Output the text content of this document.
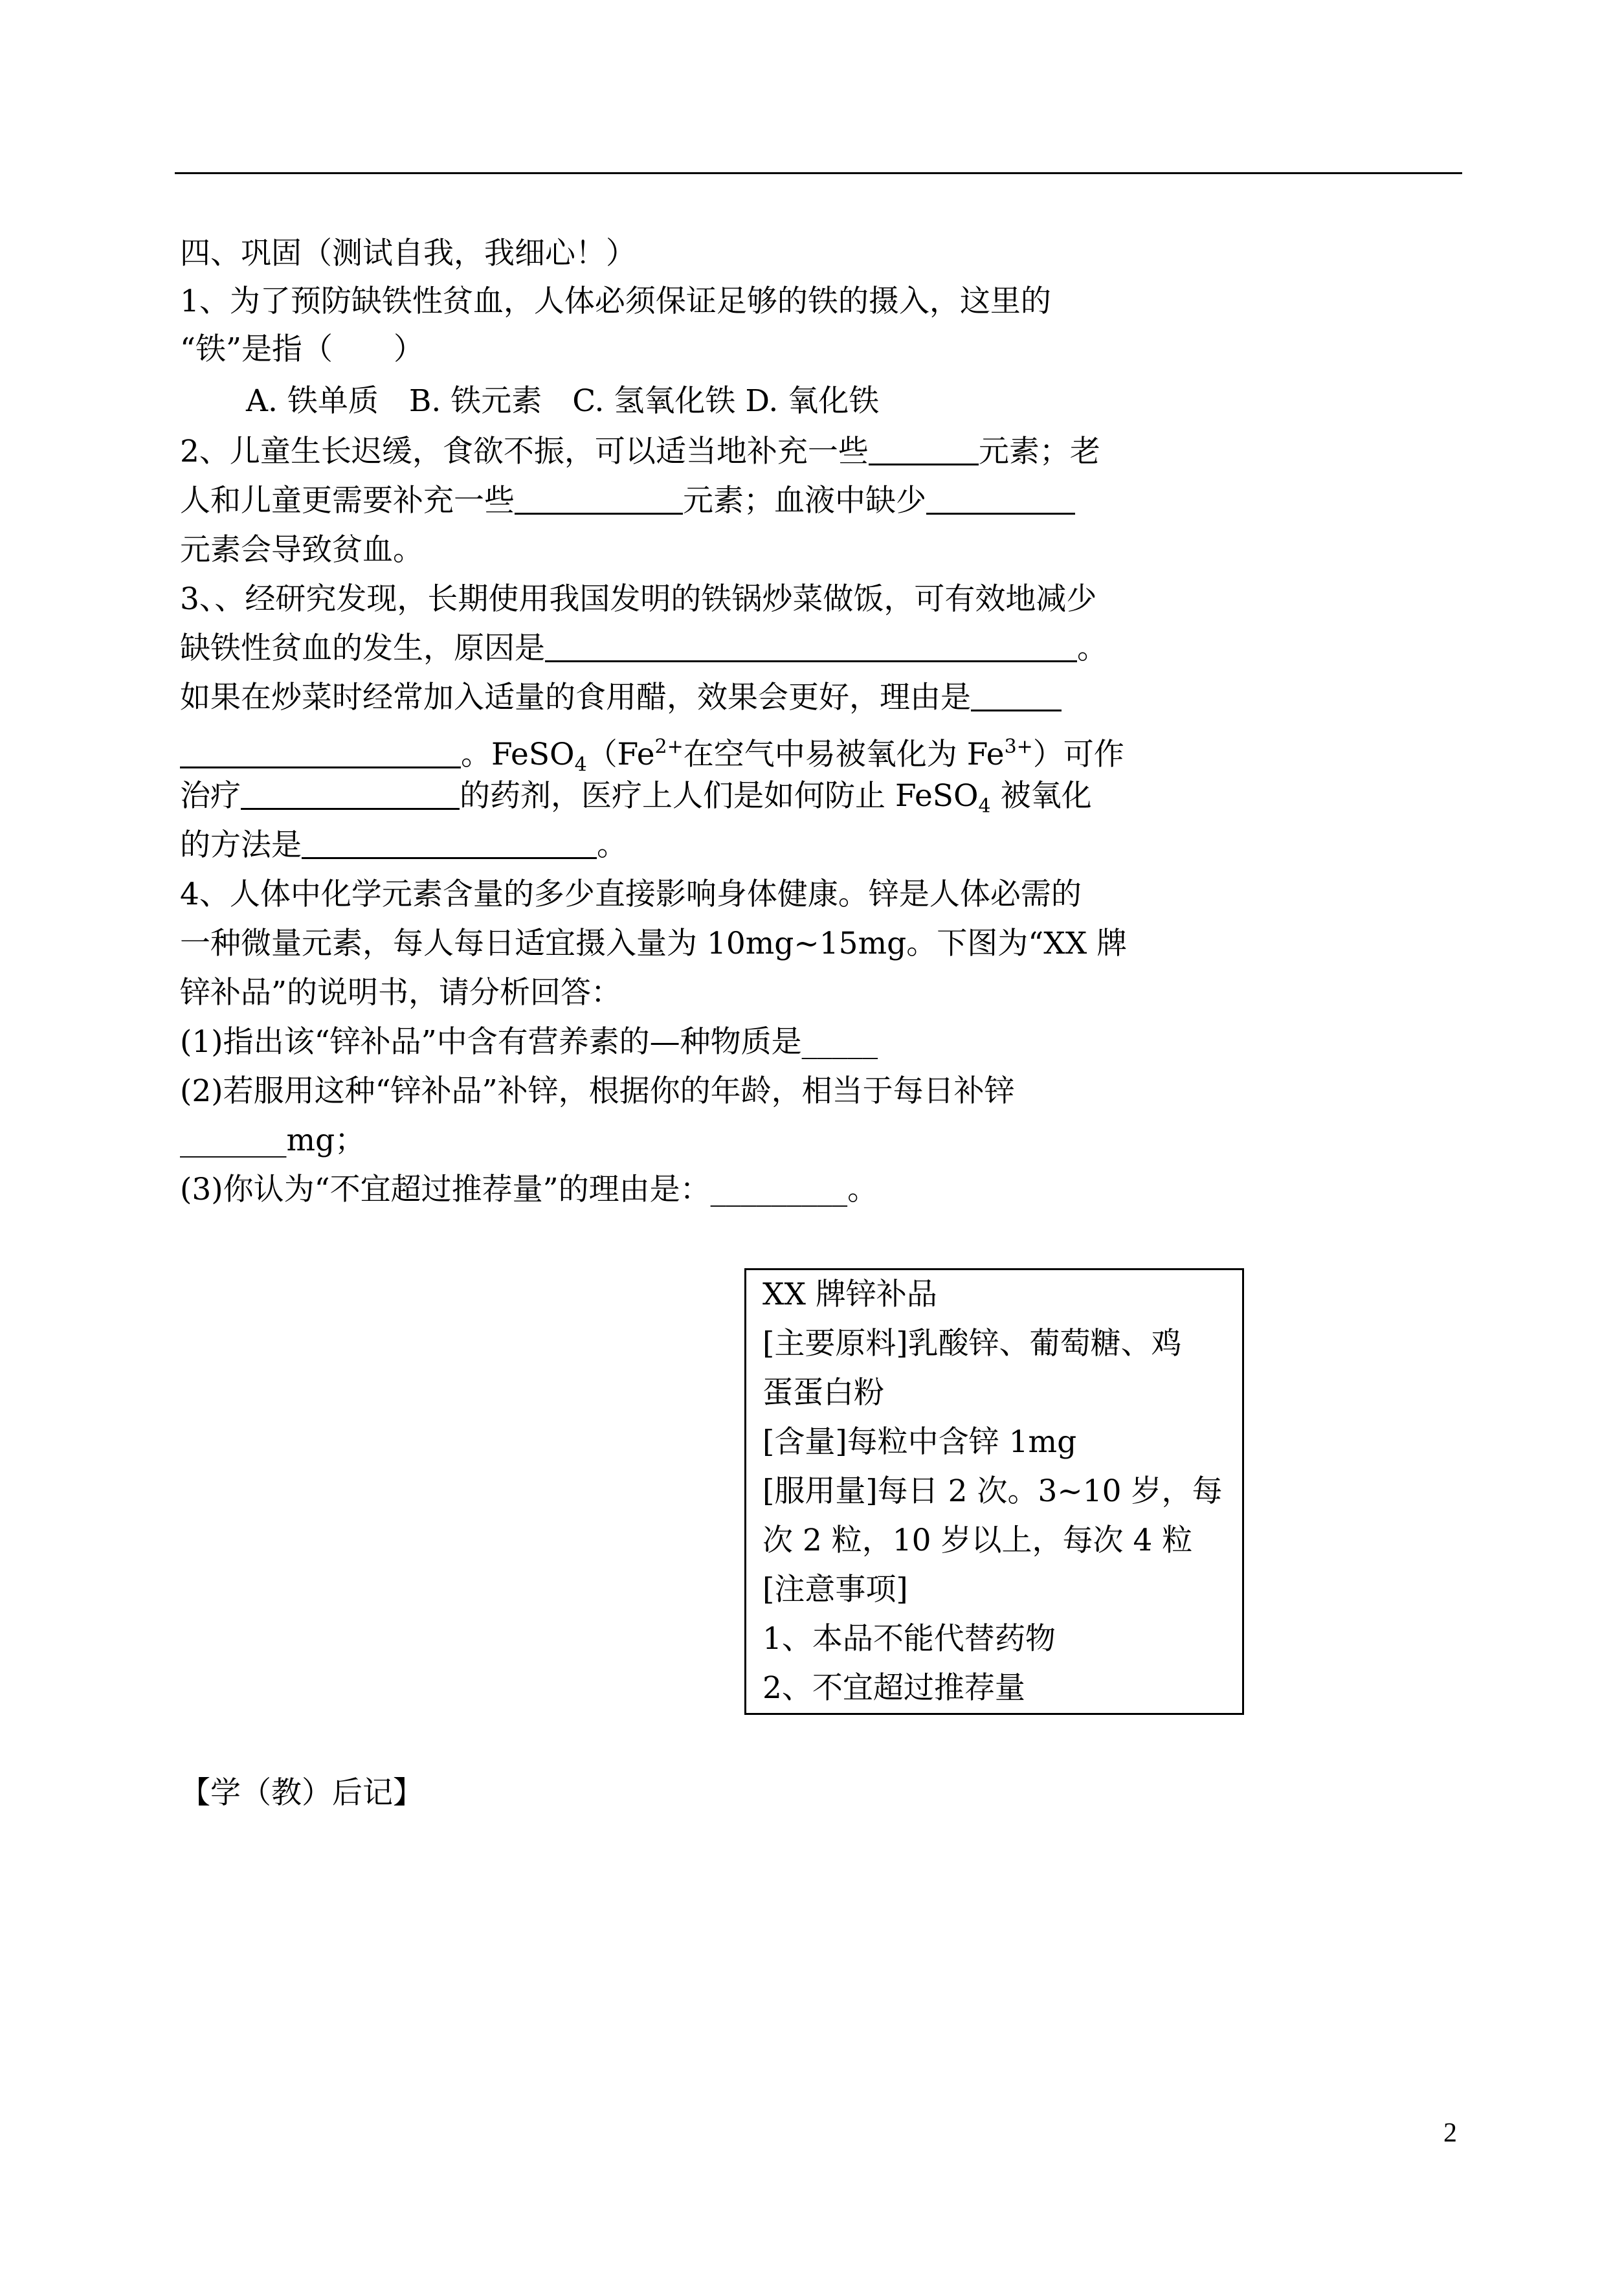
四、巩固（测试自我，我细心！）
1、为了预防缺铁性贫血，人体必须保证足够的铁的摄入，这里的
“铁”是指（　　）
A. 铁单质　B. 铁元素　C. 氢氧化铁 D. 氧化铁
2、儿童生长迟缓，食欲不振，可以适当地补充一些	元素；老
人和儿童更需要补充一些	元素；血液中缺少
元素会导致贫血。
3、、经研究发现，长期使用我国发明的铁锅炒菜做饭，可有效地减少
缺铁性贫血的发生，原因是	。
如果在炒菜时经常加入适量的食用醋，效果会更好，理由是
。$FeSO_4(Fe^{2+}$在空气中易被氧化为 $Fe^{3+}$）可作
治疗	的药剂，医疗上人们是如何防止 FeSO$_4$ 被氧化
的方法是	。
4、人体中化学元素含量的多少直接影响身体健康。锌是人体必需的
一种微量元素，每人每日适宜摄入量为 10mg~15mg。下图为“XX 牌
锌补品”的说明书，请分析回答：
(1)指出该“锌补品”中含有营养素的—种物质是_____
(2)若服用这种“锌补品”补锌，根据你的年龄，相当于每日补锌
_______mg；
(3)你认为“不宜超过推荐量”的理由是：_________。
XX 牌锌补品
[主要原料]乳酸锌、葡萄糖、鸡
蛋蛋白粉
[含量]每粒中含锌 1mg
[服用量]每日 2 次。3~10 岁，每
次 2 粒，10 岁以上，每次 4 粒
[注意事项]
1、本品不能代替药物
2、不宜超过推荐量
【学（教）后记】
2
